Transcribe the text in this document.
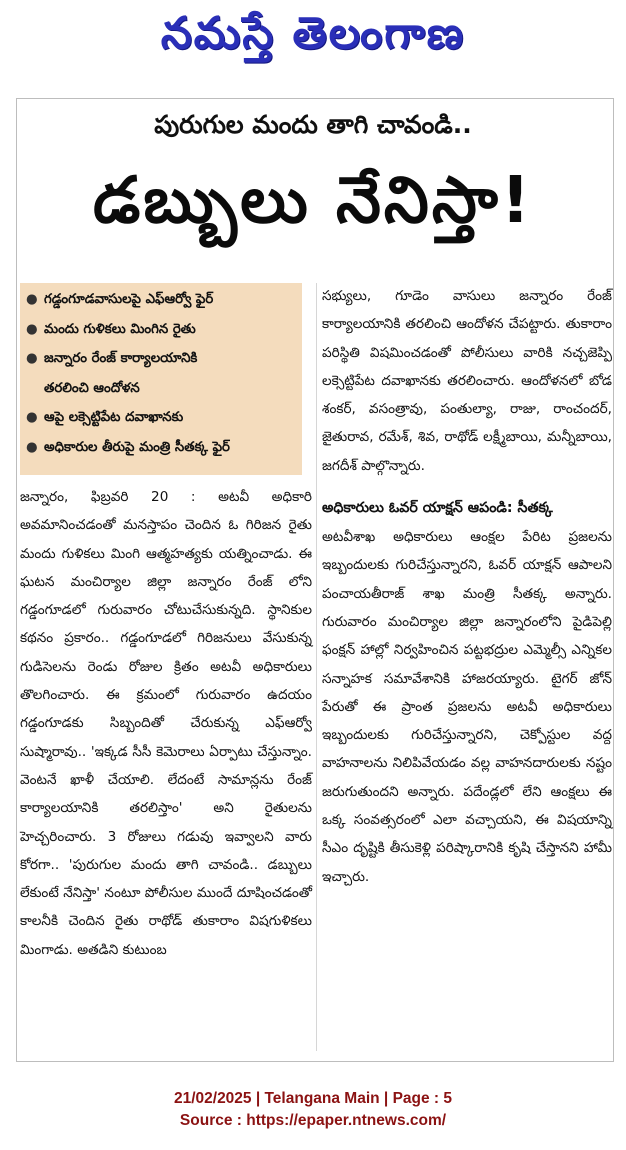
నమస్తే తెలంగాణ
పురుగుల మందు తాగి చావండి..
డబ్బులు నేనిస్తా!
● గడ్డంగూడవాసులపై ఎఫ్ఆర్వో ఫైర్
● మందు గుళికలు మింగిన రైతు
● జన్నారం రేంజ్ కార్యాలయానికి
తరలించి ఆందోళన
● ఆపై లక్సెట్టిపేట దవాఖానకు
● అధికారుల తీరుపై మంత్రి సీతక్క ఫైర్

జన్నారం, ఫిబ్రవరి 20 : అటవీ అధికారి అవమానించడంతో మనస్తాపం చెందిన ఓ గిరిజన రైతు మందు గుళికలు మింగి ఆత్మహత్యకు యత్నించాడు. ఈ ఘటన మంచిర్యాల జిల్లా జన్నారం రేంజ్ లోని గడ్డంగూడలో గురువారం చోటుచేసుకున్నది. స్థానికుల కథనం ప్రకారం.. గడ్డంగూడలో గిరిజనులు వేసుకున్న గుడిసెలను రెండు రోజుల క్రితం అటవీ అధికారులు తొలగించారు. ఈ క్రమంలో గురువారం ఉదయం గడ్డంగూడకు సిబ్బందితో చేరుకున్న ఎఫ్ఆర్వో సుష్మారావు.. 'ఇక్కడ సీసీ కెమెరాలు ఏర్పాటు చేస్తున్నాం. వెంటనే ఖాళీ చేయాలి. లేదంటే సామాన్లను రేంజ్ కార్యాలయానికి తరలిస్తాం' అని రైతులను హెచ్చరించారు. 3 రోజులు గడువు ఇవ్వాలని వారు కోరగా.. 'పురుగుల మందు తాగి చావండి.. డబ్బులు లేకుంటే నేనిస్తా' నంటూ పోలీసుల ముందే దూషించడంతో కాలనీకి చెందిన రైతు రాథోడ్ తుకారాం విషగుళికలు మింగాడు. అతడిని కుటుంబ

సభ్యులు, గూడెం వాసులు జన్నారం రేంజ్ కార్యాలయానికి తరలించి ఆందోళన చేపట్టారు. తుకారాం పరిస్థితి విషమించడంతో పోలీసులు వారికి నచ్చజెప్పి లక్సెట్టిపేట దవాఖానకు తరలించారు. ఆందోళనలో బోడ శంకర్, వసంత్రావు, పంతుల్యా, రాజు, రాంచందర్, జైతురావ, రమేశ్, శివ, రాథోడ్ లక్ష్మీబాయి, మన్నీబాయి, జగదీశ్ పాల్గొన్నారు.

అధికారులు ఓవర్ యాక్షన్ ఆపండి: సీతక్క

అటవీశాఖ అధికారులు ఆంక్షల పేరిట ప్రజలను ఇబ్బందులకు గురిచేస్తున్నారని, ఓవర్ యాక్షన్ ఆపాలని పంచాయతీరాజ్ శాఖ మంత్రి సీతక్క అన్నారు. గురువారం మంచిర్యాల జిల్లా జన్నారంలోని పైడిపెల్లి ఫంక్షన్ హాల్లో నిర్వహించిన పట్టభద్రుల ఎమ్మెల్సీ ఎన్నికల సన్నాహక సమావేశానికి హాజరయ్యారు. టైగర్ జోన్ పేరుతో ఈ ప్రాంత ప్రజలను అటవీ అధికారులు ఇబ్బందులకు గురిచేస్తున్నారని, చెక్పోస్టుల వద్ద వాహనాలను నిలిపివేయడం వల్ల వాహనదారులకు నష్టం జరుగుతుందని అన్నారు. పదేండ్లలో లేని ఆంక్షలు ఈ ఒక్క సంవత్సరంలో ఎలా వచ్చాయని, ఈ విషయాన్ని సీఎం దృష్టికి తీసుకెళ్లి పరిష్కారానికి కృషి చేస్తానని హామీ ఇచ్చారు.

21/02/2025 | Telangana Main | Page : 5
Source : https://epaper.ntnews.com/
